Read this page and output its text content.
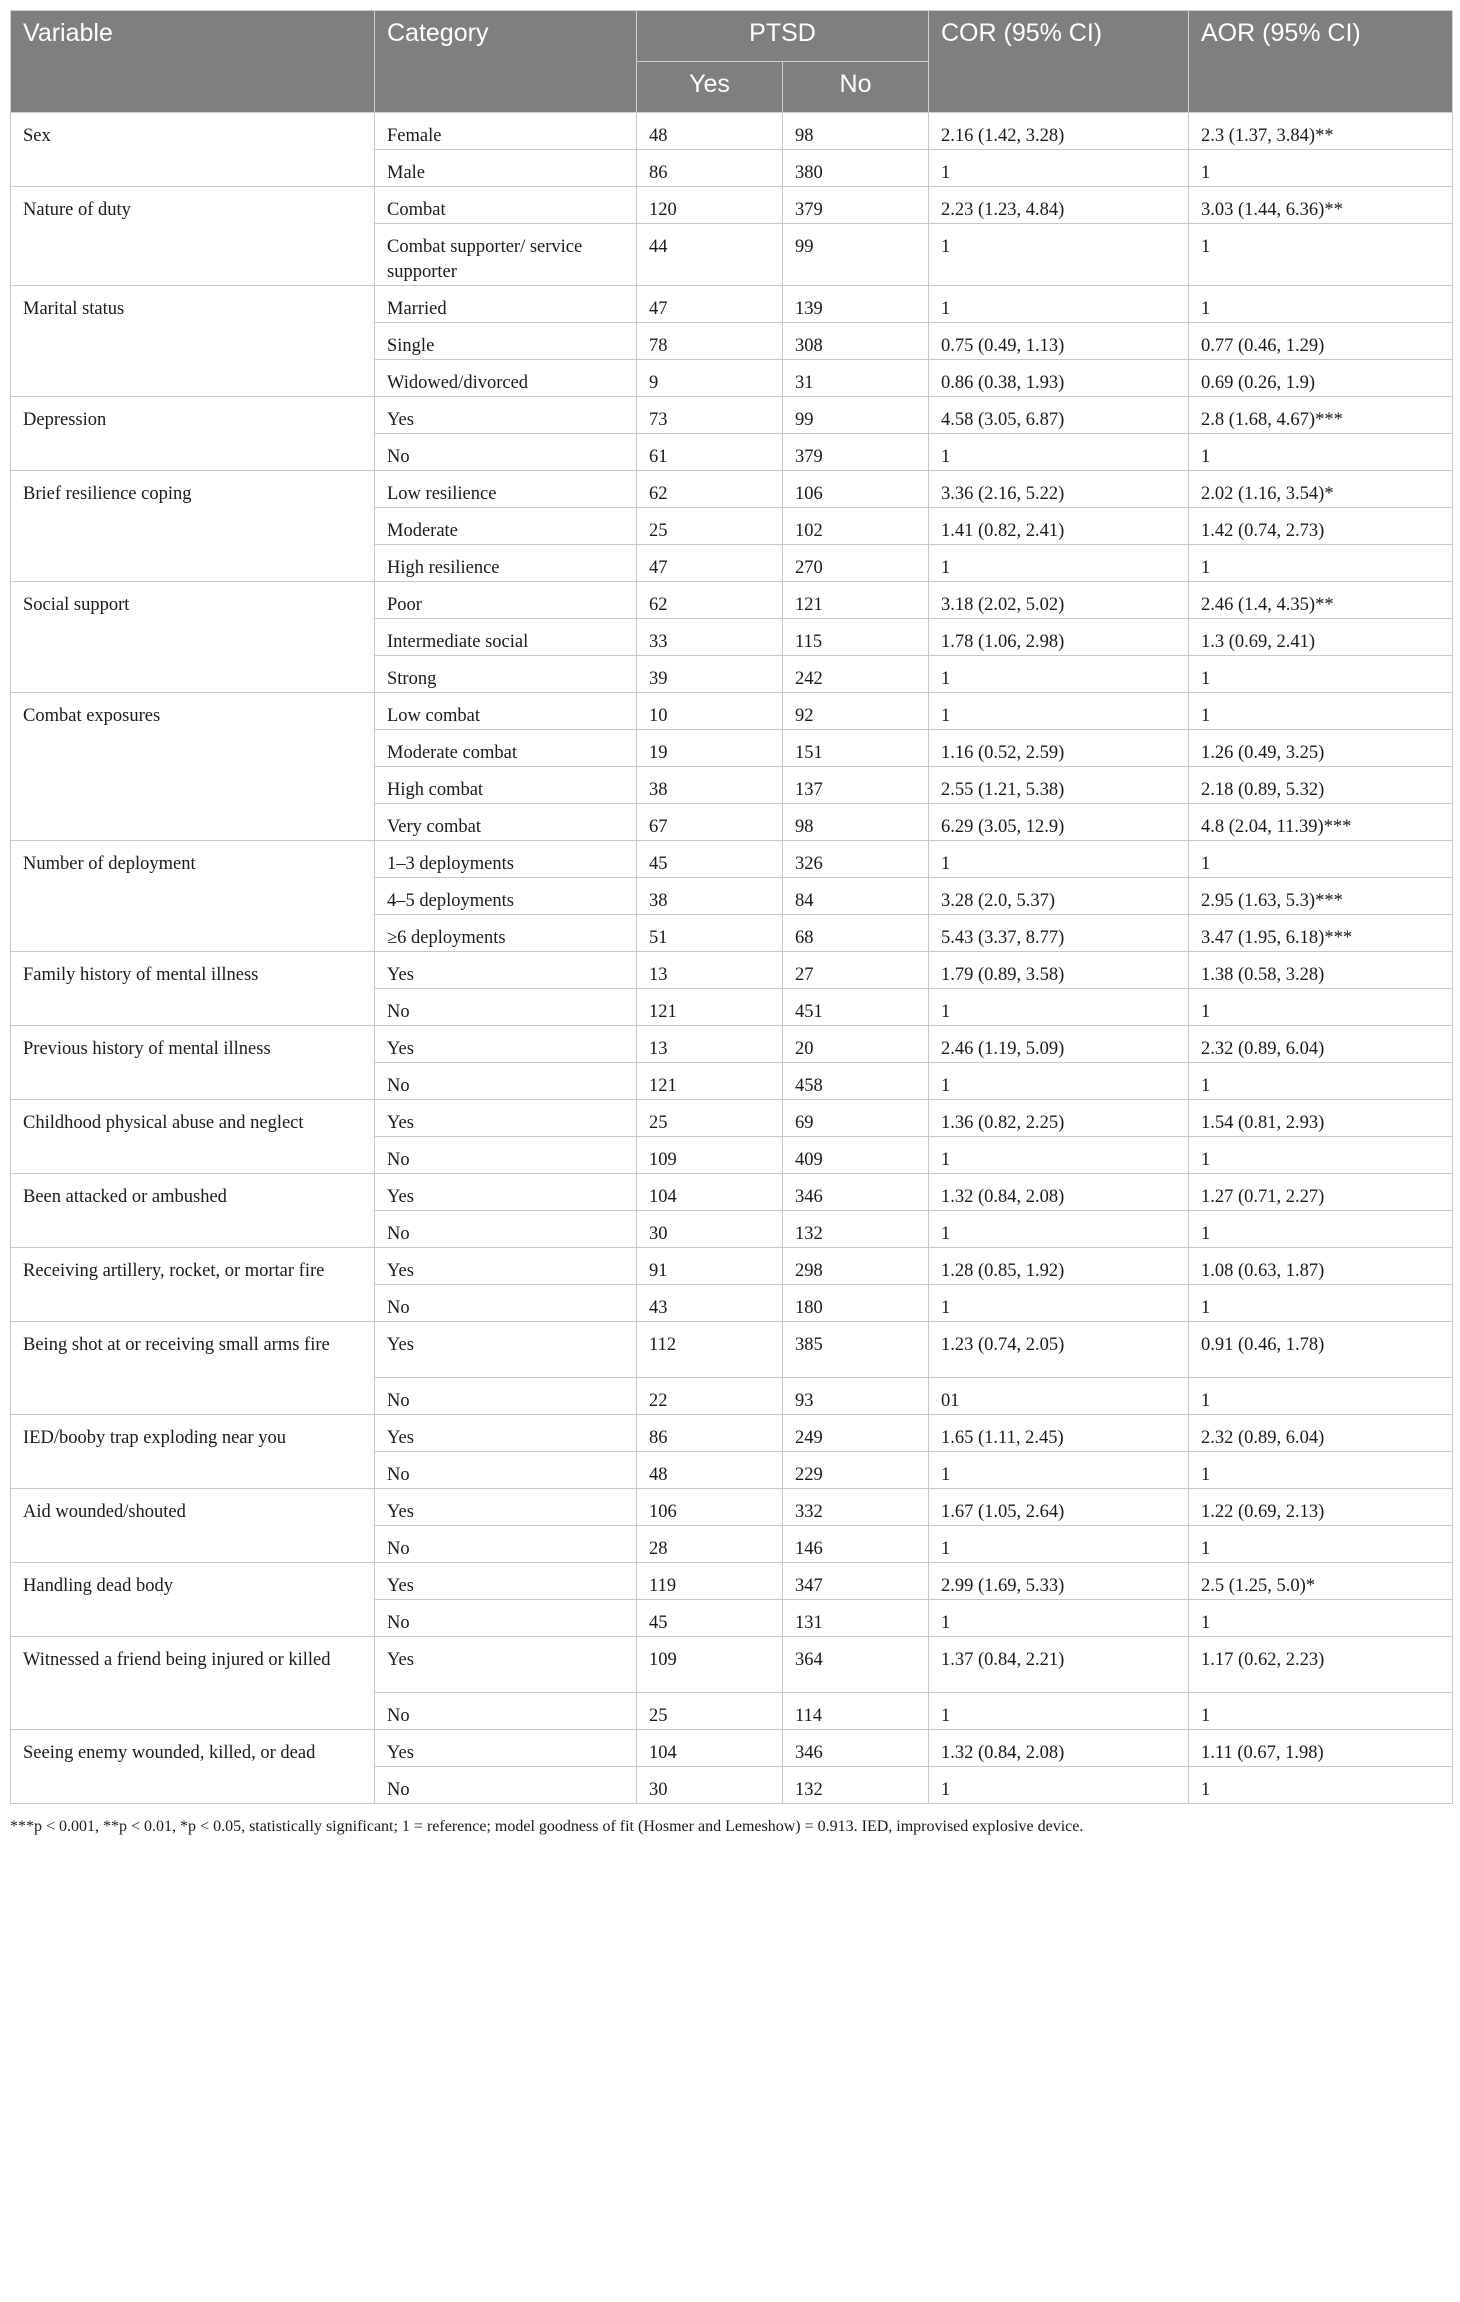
Variable	Category	PTSD		COR (95% CI)	AOR (95% CI)
		Yes	No		
Sex	Female	48	98	2.16 (1.42, 3.28)	2.3 (1.37, 3.84)**
	Male	86	380	1	1
Nature of duty	Combat	120	379	2.23 (1.23, 4.84)	3.03 (1.44, 6.36)**
	Combat supporter/ service supporter	44	99	1	1
Marital status	Married	47	139	1	1
	Single	78	308	0.75 (0.49, 1.13)	0.77 (0.46, 1.29)
	Widowed/divorced	9	31	0.86 (0.38, 1.93)	0.69 (0.26, 1.9)
Depression	Yes	73	99	4.58 (3.05, 6.87)	2.8 (1.68, 4.67)***
	No	61	379	1	1
Brief resilience coping	Low resilience	62	106	3.36 (2.16, 5.22)	2.02 (1.16, 3.54)*
	Moderate	25	102	1.41 (0.82, 2.41)	1.42 (0.74, 2.73)
	High resilience	47	270	1	1
Social support	Poor	62	121	3.18 (2.02, 5.02)	2.46 (1.4, 4.35)**
	Intermediate social	33	115	1.78 (1.06, 2.98)	1.3 (0.69, 2.41)
	Strong	39	242	1	1
Combat exposures	Low combat	10	92	1	1
	Moderate combat	19	151	1.16 (0.52, 2.59)	1.26 (0.49, 3.25)
	High combat	38	137	2.55 (1.21, 5.38)	2.18 (0.89, 5.32)
	Very combat	67	98	6.29 (3.05, 12.9)	4.8 (2.04, 11.39)***
Number of deployment	1–3 deployments	45	326	1	1
	4–5 deployments	38	84	3.28 (2.0, 5.37)	2.95 (1.63, 5.3)***
	≥6 deployments	51	68	5.43 (3.37, 8.77)	3.47 (1.95, 6.18)***
Family history of mental illness	Yes	13	27	1.79 (0.89, 3.58)	1.38 (0.58, 3.28)
	No	121	451	1	1
Previous history of mental illness	Yes	13	20	2.46 (1.19, 5.09)	2.32 (0.89, 6.04)
	No	121	458	1	1
Childhood physical abuse and neglect	Yes	25	69	1.36 (0.82, 2.25)	1.54 (0.81, 2.93)
	No	109	409	1	1
Been attacked or ambushed	Yes	104	346	1.32 (0.84, 2.08)	1.27 (0.71, 2.27)
	No	30	132	1	1
Receiving artillery, rocket, or mortar fire	Yes	91	298	1.28 (0.85, 1.92)	1.08 (0.63, 1.87)
	No	43	180	1	1
Being shot at or receiving small arms fire	Yes	112	385	1.23 (0.74, 2.05)	0.91 (0.46, 1.78)
	No	22	93	01	1
IED/booby trap exploding near you	Yes	86	249	1.65 (1.11, 2.45)	2.32 (0.89, 6.04)
	No	48	229	1	1
Aid wounded/shouted	Yes	106	332	1.67 (1.05, 2.64)	1.22 (0.69, 2.13)
	No	28	146	1	1
Handling dead body	Yes	119	347	2.99 (1.69, 5.33)	2.5 (1.25, 5.0)*
	No	45	131	1	1
Witnessed a friend being injured or killed	Yes	109	364	1.37 (0.84, 2.21)	1.17 (0.62, 2.23)
	No	25	114	1	1
Seeing enemy wounded, killed, or dead	Yes	104	346	1.32 (0.84, 2.08)	1.11 (0.67, 1.98)
	No	30	132	1	1
***p < 0.001, **p < 0.01, *p < 0.05, statistically significant; 1 = reference; model goodness of fit (Hosmer and Lemeshow) = 0.913. IED, improvised explosive device.
